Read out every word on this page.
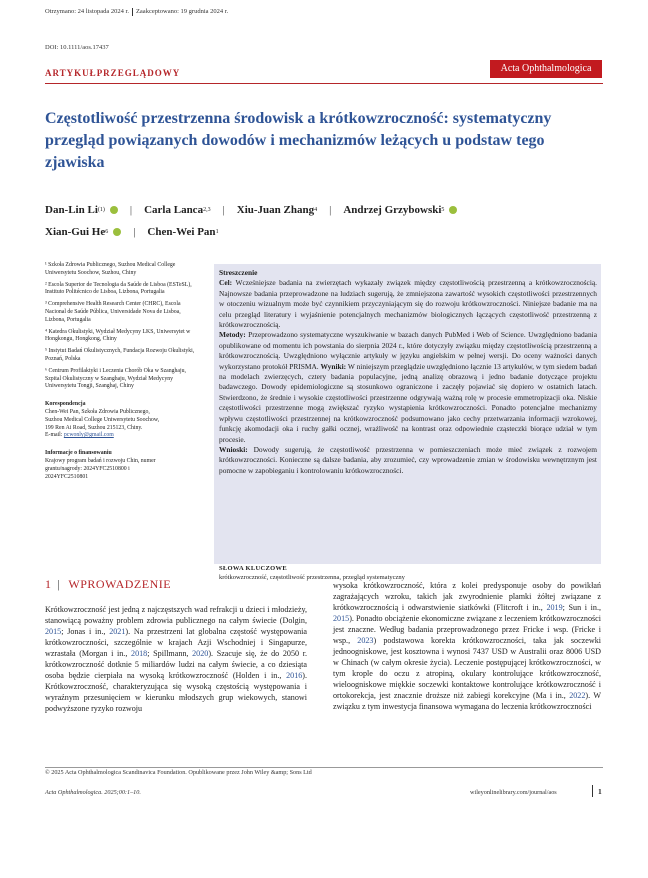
Otrzymano: 24 listopada 2024 r. Zaakceptowano: 19 grudnia 2024 r.
DOI: 10.1111/aos.17437
ARTYKUŁPRZEGLĄDOWY	Acta Ophthalmologica
Częstotliwość przestrzenna środowisk a krótkowzroczność: systematyczny przegląd powiązanych dowodów i mechanizmów leżących u podstaw tego zjawiska
Dan-Lin Li (1) | Carla Lanca 2,3 | Xiu-Juan Zhang 4 | Andrzej Grzybowski 5

Xian-Gui He 6 | Chen-Wei Pan 1

¹ Szkoła Zdrowia Publicznego, Suzhou Medical College Uniwersytetu Soochow, Suzhou, Chiny

² Escola Superior de Tecnologia da Saúde de Lisboa (ESTeSL), Instituto Politécnico de Lisboa, Lizbona, Portugalia

³ Comprehensive Health Research Center (CHRC), Escola Nacional de Saúde Pública, Universidade Nova de Lisboa, Lizbona, Portugalia

⁴ Katedra Okulistyki, Wydział Medycyny LKS, Uniwersytet w Hongkongu, Hongkong, Chiny

⁵ Instytut Badań Okulistycznych, Fundacja Rozwoju Okulistyki, Poznań, Polska

⁶ Centrum Profilaktyki i Leczenia Chorób Oka w Szanghaju, Szpital Okulistyczny w Szanghaju, Wydział Medycyny Uniwersytetu Tongji, Szanghaj, Chiny

Korespondencja
Chen-Wei Pan, Szkoła Zdrowia Publicznego,
Suzhou Medical College Uniwersytetu Soochow,
199 Ren Ai Road, Suzhou 215123, Chiny.
E-mail: pcwonly@gmail.com

Informacje o finansowaniu
Krajowy program badań i rozwoju Chin, numer
grantu/nagrody: 2024YFC2510800 i
2024YFC2510801

Streszczenie

Cel: Wcześniejsze badania na zwierzętach wykazały związek między częstotliwością przestrzenną a krótkowzrocznością. Najnowsze badania przeprowadzone na ludziach sugerują, że zmniejszona zawartość wysokich częstotliwości przestrzennych w otoczeniu wizualnym może być czynnikiem przyczyniającym się do rozwoju krótkowzroczności. Niniejsze badanie ma na celu przegląd literatury i wyjaśnienie potencjalnych mechanizmów biologicznych łączących częstotliwość przestrzenną z krótkowzrocznością.

Metody: Przeprowadzono systematyczne wyszukiwanie w bazach danych PubMed i Web of Science. Uwzględniono badania opublikowane od momentu ich powstania do sierpnia 2024 r., które dotyczyły związku między częstotliwością przestrzenną a krótkowzrocznością. Uwzględniono wyłącznie artykuły w języku angielskim w pełnej wersji. Do oceny ważności danych wykorzystano protokół PRISMA. Wyniki: W niniejszym przeglądzie uwzględniono łącznie 13 artykułów, w tym siedem badań na modelach zwierzęcych, cztery badania populacyjne, jedną analizę obrazową i jedno badanie dotyczące projektu badawczego. Dowody epidemiologiczne są stosunkowo ograniczone i zaczęły pojawiać się dopiero w ostatnich latach. Stwierdzono, że średnie i wysokie częstotliwości przestrzenne odgrywają ważną rolę w procesie emmetropizacji oka. Niskie częstotliwości przestrzenne mogą zwiększać ryzyko wystąpienia krótkowzroczności. Ponadto potencjalne mechanizmy wpływu częstotliwości przestrzennej na krótkowzroczność podsumowano jako cechy przetwarzania informacji wzrokowej, funkcję akomodacji oka i ruchy gałki ocznej, wrażliwość na kontrast oraz odpowiednie cząsteczki biorące udział w tym procesie.

Wnioski: Dowody sugerują, że częstotliwość przestrzenna w pomieszczeniach może mieć związek z rozwojem krótkowzroczności. Konieczne są dalsze badania, aby zrozumieć, czy wprowadzenie zmian w środowisku wewnętrznym jest pomocne w zapobieganiu i kontrolowaniu krótkowzroczności.

SŁOWA KLUCZOWE
krótkowzroczność, częstotliwość przestrzenna, przegląd systematyczny
1 | WPROWADZENIE

Krótkowzroczność jest jedną z najczęstszych wad refrakcji u dzieci i młodzieży, stanowiącą poważny problem zdrowia publicznego na całym świecie (Dolgin, 2015; Jonas i in., 2021). Na przestrzeni lat globalna częstość występowania krótkowzroczności, szczególnie w krajach Azji Wschodniej i Singapurze, wzrastała (Morgan i in., 2018; Spillmann, 2020). Szacuje się, że do 2050 r. krótkowzroczność dotknie 5 miliardów ludzi na całym świecie, a co dziesiąta osoba będzie cierpiała na wysoką krótkowzroczność (Holden i in., 2016). Krótkowzroczność, charakteryzująca się wysoką częstością występowania i wyraźnym przesunięciem w kierunku młodszych grup wiekowych, stanowi podwyższone ryzyko rozwoju

wysoka krótkowzroczność, która z kolei predysponuje osoby do powikłań zagrażających wzroku, takich jak zwyrodnienie plamki żółtej związane z krótkowzrocznością i odwarstwienie siatkówki (Flitcroft i in., 2019; Sun i in., 2015). Ponadto obciążenie ekonomiczne związane z leczeniem krótkowzroczności jest znaczne. Według badania przeprowadzonego przez Fricke i wsp. (Fricke i wsp., 2023) podstawowa korekta krótkowzroczności, taka jak soczewki jednoogniskowe, jest kosztowna i wynosi 7437 USD w Australii oraz 8006 USD w Chinach (w całym okresie życia). Leczenie postępującej krótkowzroczności, w tym krople do oczu z atropiną, okulary kontrolujące krótkowzroczność, wieloogniskowe miękkie soczewki kontaktowe kontrolujące krótkowzroczność i ortokorekcja, jest znacznie droższe niż zabiegi korekcyjne (Ma i in., 2022). W związku z tym inwestycja finansowa wymagana do leczenia krótkowzroczności

© 2025 Acta Ophthalmologica Scandinavica Foundation. Opublikowane przez John Wiley &amp; Sons Ltd
Acta Ophthalmologica. 2025;00:1–10.	wileyonlinelibrary.com/journal/aos	1
